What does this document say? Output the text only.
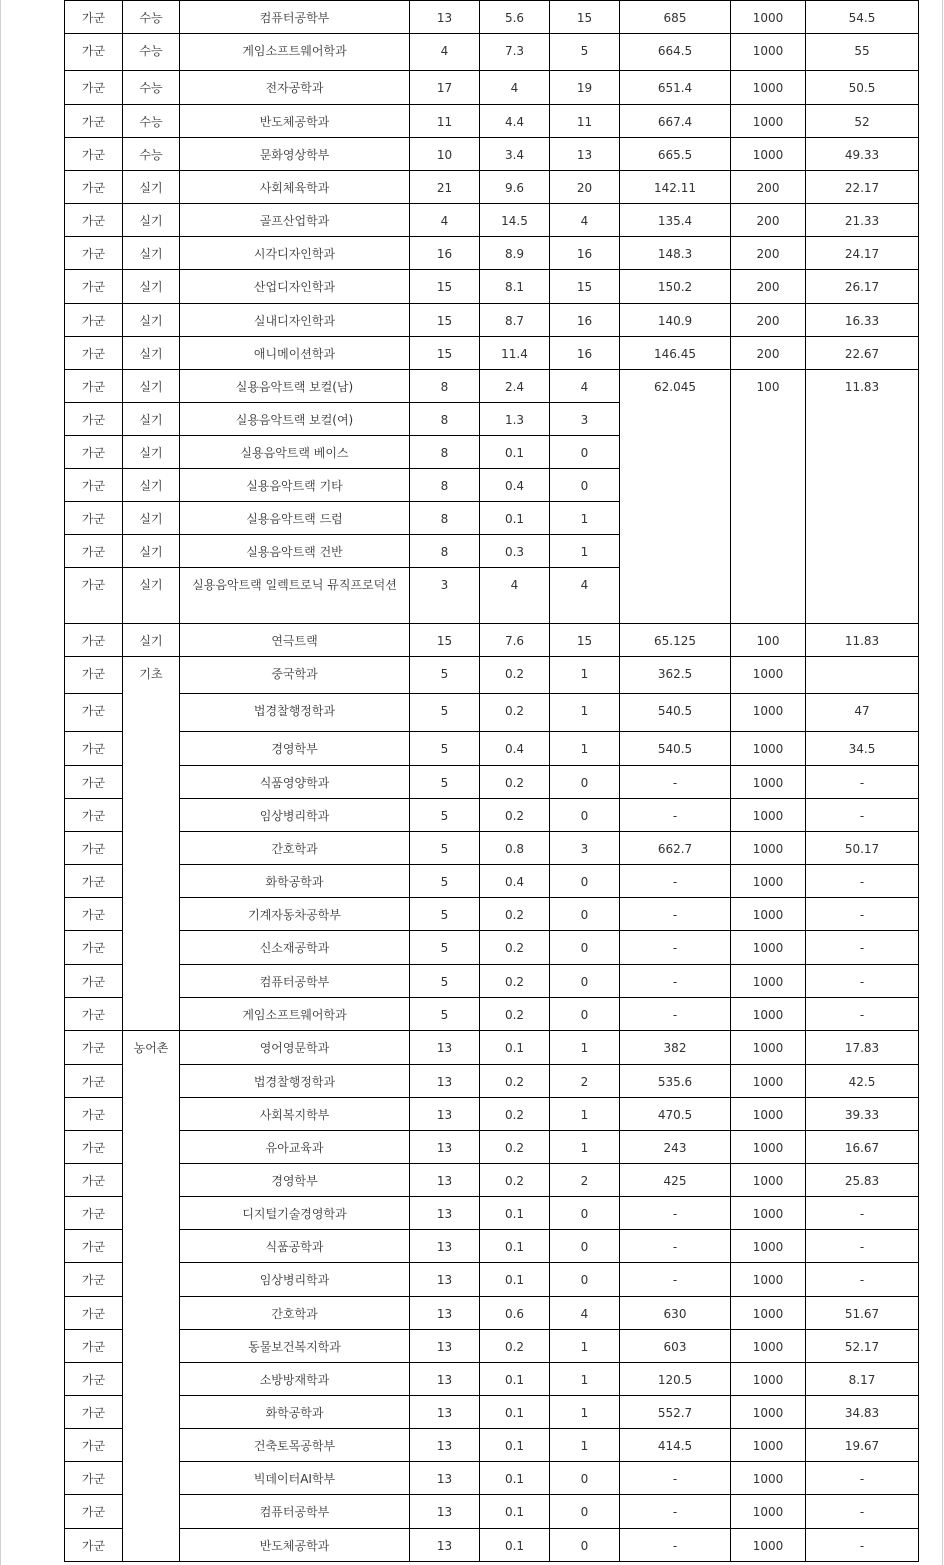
가군	수능	컴퓨터공학부	13	5.6	15	685	1000	54.5
가군	수능	게임소프트웨어학과	4	7.3	5	664.5	1000	55
가군	수능	전자공학과	17	4	19	651.4	1000	50.5
가군	수능	반도체공학과	11	4.4	11	667.4	1000	52
가군	수능	문화영상학부	10	3.4	13	665.5	1000	49.33
가군	실기	사회체육학과	21	9.6	20	142.11	200	22.17
가군	실기	골프산업학과	4	14.5	4	135.4	200	21.33
가군	실기	시각디자인학과	16	8.9	16	148.3	200	24.17
가군	실기	산업디자인학과	15	8.1	15	150.2	200	26.17
가군	실기	실내디자인학과	15	8.7	16	140.9	200	16.33
가군	실기	애니메이션학과	15	11.4	16	146.45	200	22.67
가군	실기	실용음악트랙 보컬(남)	8	2.4	4	62.045	100	11.83
가군	실기	실용음악트랙 보컬(여)	8	1.3	3			
가군	실기	실용음악트랙 베이스	8	0.1	0			
가군	실기	실용음악트랙 기타	8	0.4	0			
가군	실기	실용음악트랙 드럼	8	0.1	1			
가군	실기	실용음악트랙 건반	8	0.3	1			
가군	실기	실용음악트랙 일렉트로닉 뮤직프로덕션	3	4	4			
가군	실기	연극트랙	15	7.6	15	65.125	100	11.83
가군	기초	중국학과	5	0.2	1	362.5	1000	
가군		법경찰행정학과	5	0.2	1	540.5	1000	47
가군		경영학부	5	0.4	1	540.5	1000	34.5
가군		식품영양학과	5	0.2	0	-	1000	-
가군		임상병리학과	5	0.2	0	-	1000	-
가군		간호학과	5	0.8	3	662.7	1000	50.17
가군		화학공학과	5	0.4	0	-	1000	-
가군		기계자동차공학부	5	0.2	0	-	1000	-
가군		신소재공학과	5	0.2	0	-	1000	-
가군		컴퓨터공학부	5	0.2	0	-	1000	-
가군		게임소프트웨어학과	5	0.2	0	-	1000	-
가군	농어촌	영어영문학과	13	0.1	1	382	1000	17.83
가군		법경찰행정학과	13	0.2	2	535.6	1000	42.5
가군		사회복지학부	13	0.2	1	470.5	1000	39.33
가군		유아교육과	13	0.2	1	243	1000	16.67
가군		경영학부	13	0.2	2	425	1000	25.83
가군		디지털기술경영학과	13	0.1	0	-	1000	-
가군		식품공학과	13	0.1	0	-	1000	-
가군		임상병리학과	13	0.1	0	-	1000	-
가군		간호학과	13	0.6	4	630	1000	51.67
가군		동물보건복지학과	13	0.2	1	603	1000	52.17
가군		소방방재학과	13	0.1	1	120.5	1000	8.17
가군		화학공학과	13	0.1	1	552.7	1000	34.83
가군		건축토목공학부	13	0.1	1	414.5	1000	19.67
가군		빅데이터AI학부	13	0.1	0	-	1000	-
가군		컴퓨터공학부	13	0.1	0	-	1000	-
가군		반도체공학과	13	0.1	0	-	1000	-
